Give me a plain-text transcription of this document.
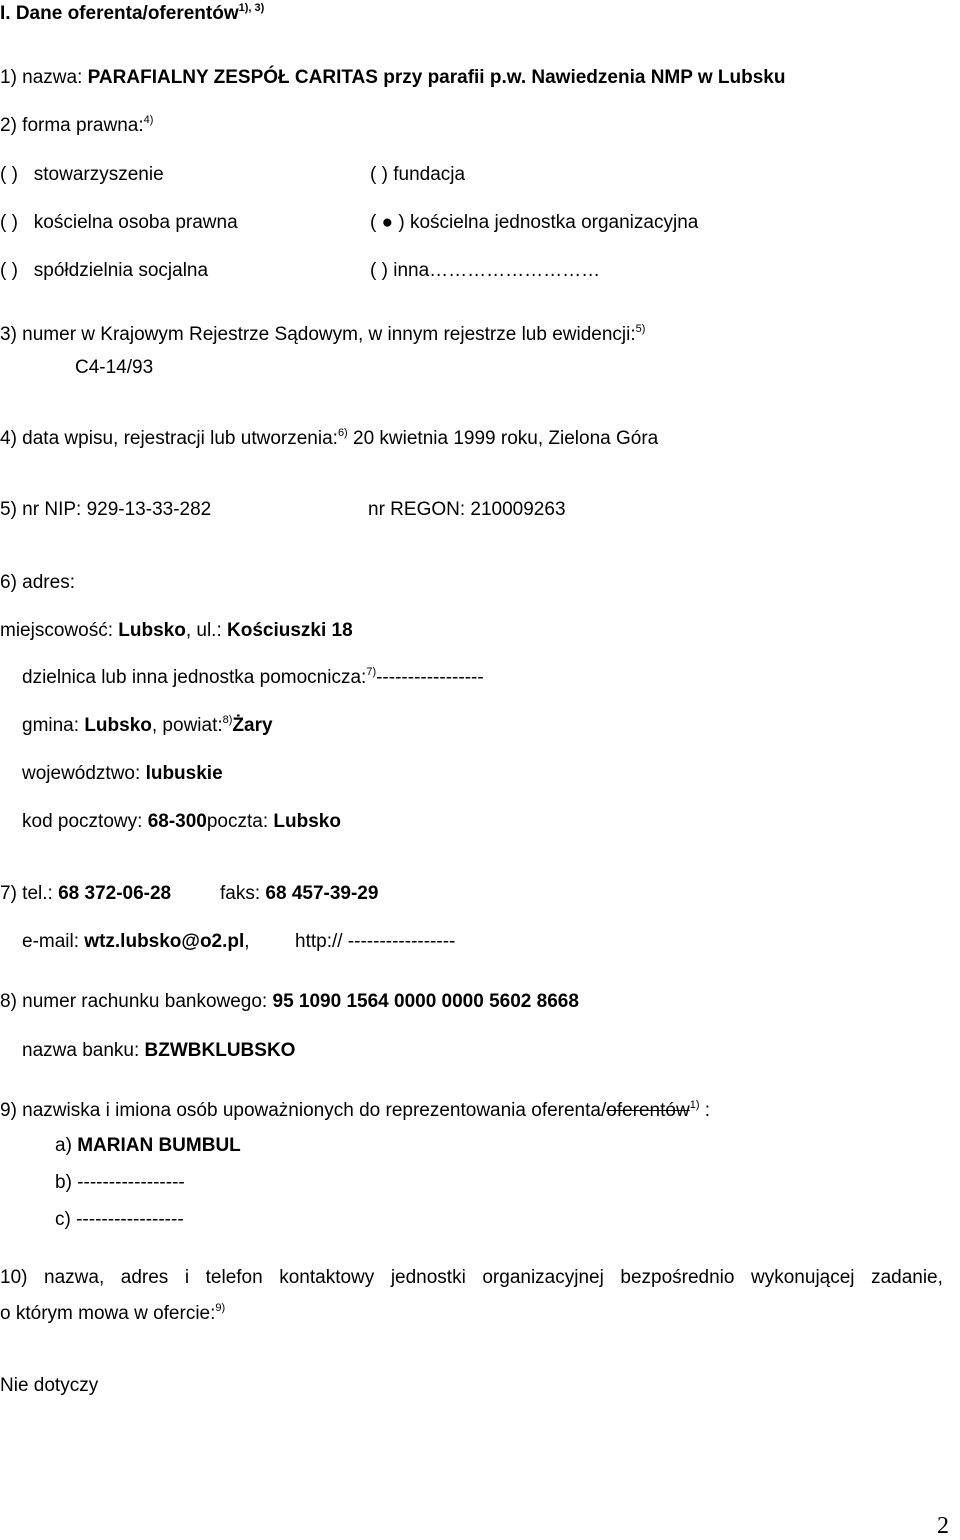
I. Dane oferenta/oferentów$^{1), 3)}$
1) nazwa: PARAFIALNY ZESPÓŁ CARITAS przy parafii p.w. Nawiedzenia NMP w Lubsku
2) forma prawna:$^{4)}$
( ) stowarzyszenie	( ) fundacja
( ) kościelna osoba prawna	( ● ) kościelna jednostka organizacyjna
( ) spółdzielnia socjalna	( ) inna………………………
3) numer w Krajowym Rejestrze Sądowym, w innym rejestrze lub ewidencji:$^{5)}$
C4-14/93
4) data wpisu, rejestracji lub utworzenia:$^{6)}$ 20 kwietnia 1999 roku, Zielona Góra
5) nr NIP: 929-13-33-282	nr REGON: 210009263
6) adres:
miejscowość: Lubsko, ul.: Kościuszki 18
dzielnica lub inna jednostka pomocnicza:$^{7)}$-----------------
gmina: Lubsko, powiat:$^{8)}$Żary
województwo: lubuskie
kod pocztowy: 68-300poczta: Lubsko
7) tel.: 68 372-06-28	faks: 68 457-39-29
e-mail: wtz.lubsko@o2.pl, http:// -----------------
8) numer rachunku bankowego: 95 1090 1564 0000 0000 5602 8668
nazwa banku: BZWBKLUBSKO
9) nazwiska i imiona osób upoważnionych do reprezentowania oferenta/oferentów$^{1)}$ :
a) MARIAN BUMBUL
b) -----------------
c) -----------------
10) nazwa, adres i telefon kontaktowy jednostki organizacyjnej bezpośrednio wykonującej zadanie,
o którym mowa w ofercie:$^{9)}$
Nie dotyczy
2
